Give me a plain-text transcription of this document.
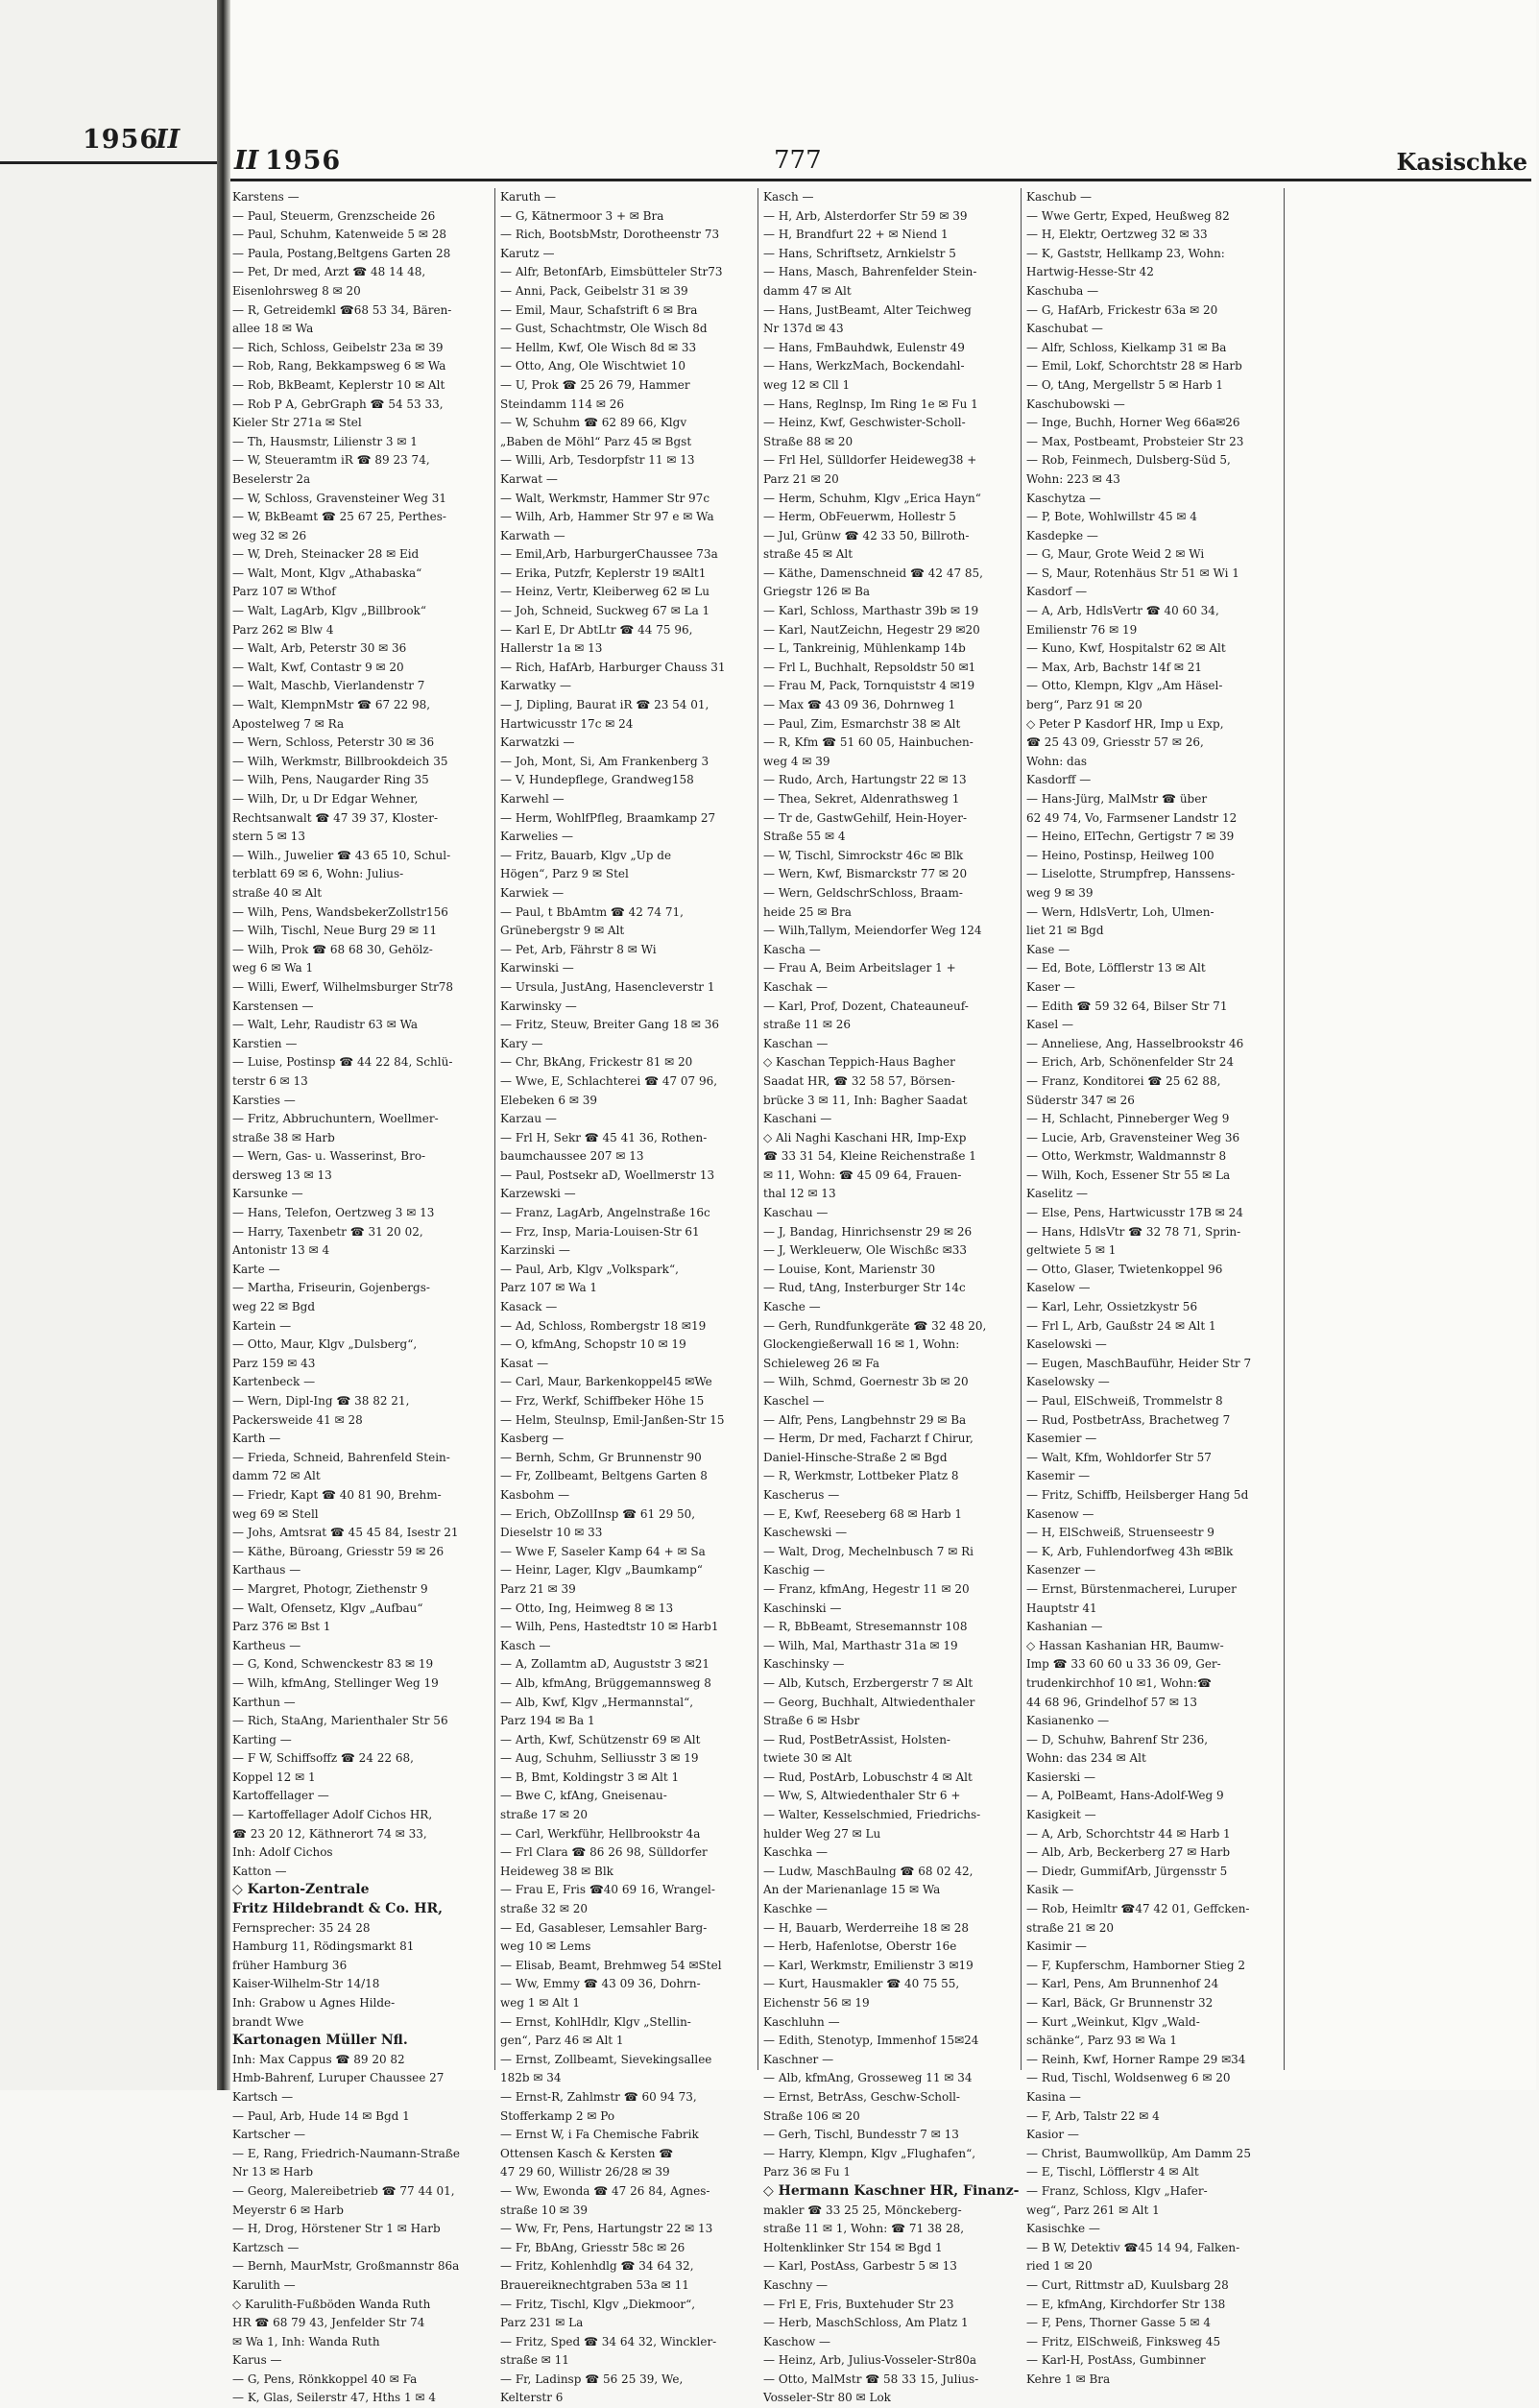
1956
II
II 1956	777	Kasischke
Karstens —
— Paul, Steuerm, Grenzscheide 26
— Paul, Schuhm, Katenweide 5 ✉ 28
— Paula, Postang,Beltgens Garten 28
— Pet, Dr med, Arzt ☎ 48 14 48,
Eisenlohrsweg 8 ✉ 20
— R, Getreidemkl ☎68 53 34, Bären-
allee 18 ✉ Wa
— Rich, Schloss, Geibelstr 23a ✉ 39
— Rob, Rang, Bekkampsweg 6 ✉ Wa
— Rob, BkBeamt, Keplerstr 10 ✉ Alt
— Rob P A, GebrGraph ☎ 54 53 33,
Kieler Str 271a ✉ Stel
— Th, Hausmstr, Lilienstr 3 ✉ 1
— W, Steueramtm iR ☎ 89 23 74,
Beselerstr 2a
— W, Schloss, Gravensteiner Weg 31
— W, BkBeamt ☎ 25 67 25, Perthes-
weg 32 ✉ 26
— W, Dreh, Steinacker 28 ✉ Eid
— Walt, Mont, Klgv „Athabaska“
Parz 107 ✉ Wthof
— Walt, LagArb, Klgv „Billbrook“
Parz 262 ✉ Blw 4
— Walt, Arb, Peterstr 30 ✉ 36
— Walt, Kwf, Contastr 9 ✉ 20
— Walt, Maschb, Vierlandenstr 7
— Walt, KlempnMstr ☎ 67 22 98,
Apostelweg 7 ✉ Ra
— Wern, Schloss, Peterstr 30 ✉ 36
— Wilh, Werkmstr, Billbrookdeich 35
— Wilh, Pens, Naugarder Ring 35
— Wilh, Dr, u Dr Edgar Wehner,
Rechtsanwalt ☎ 47 39 37, Kloster-
stern 5 ✉ 13
— Wilh., Juwelier ☎ 43 65 10, Schul-
terblatt 69 ✉ 6, Wohn: Julius-
straße 40 ✉ Alt
— Wilh, Pens, WandsbekerZollstr156
— Wilh, Tischl, Neue Burg 29 ✉ 11
— Wilh, Prok ☎ 68 68 30, Gehölz-
weg 6 ✉ Wa 1
— Willi, Ewerf, Wilhelmsburger Str78
Karstensen —
— Walt, Lehr, Raudistr 63 ✉ Wa
Karstien —
— Luise, Postinsp ☎ 44 22 84, Schlü-
terstr 6 ✉ 13
Karsties —
— Fritz, Abbruchuntern, Woellmer-
straße 38 ✉ Harb
— Wern, Gas- u. Wasserinst, Bro-
dersweg 13 ✉ 13
Karsunke —
— Hans, Telefon, Oertzweg 3 ✉ 13
— Harry, Taxenbetr ☎ 31 20 02,
Antonistr 13 ✉ 4
Karte —
— Martha, Friseurin, Gojenbergs-
weg 22 ✉ Bgd
Kartein —
— Otto, Maur, Klgv „Dulsberg“,
Parz 159 ✉ 43
Kartenbeck —
— Wern, Dipl-Ing ☎ 38 82 21,
Packersweide 41 ✉ 28
Karth —
— Frieda, Schneid, Bahrenfeld Stein-
damm 72 ✉ Alt
— Friedr, Kapt ☎ 40 81 90, Brehm-
weg 69 ✉ Stell
— Johs, Amtsrat ☎ 45 45 84, Isestr 21
— Käthe, Büroang, Griesstr 59 ✉ 26
Karthaus —
— Margret, Photogr, Ziethenstr 9
— Walt, Ofensetz, Klgv „Aufbau“
Parz 376 ✉ Bst 1
Kartheus —
— G, Kond, Schwenckestr 83 ✉ 19
— Wilh, kfmAng, Stellinger Weg 19
Karthun —
— Rich, StaAng, Marienthaler Str 56
Karting —
— F W, Schiffsoffz ☎ 24 22 68,
Koppel 12 ✉ 1
Kartoffellager —
— Kartoffellager Adolf Cichos HR,
☎ 23 20 12, Käthnerort 74 ✉ 33,
Inh: Adolf Cichos
Katton —
◇ Karton-Zentrale
Fritz Hildebrandt & Co. HR,
Fernsprecher: 35 24 28
Hamburg 11, Rödingsmarkt 81
früher Hamburg 36
Kaiser-Wilhelm-Str 14/18
Inh: Grabow u Agnes Hilde-
brandt Wwe
Kartonagen Müller Nfl.
Inh: Max Cappus ☎ 89 20 82
Hmb-Bahrenf, Luruper Chaussee 27
Kartsch —
— Paul, Arb, Hude 14 ✉ Bgd 1
Kartscher —
— E, Rang, Friedrich-Naumann-Straße
Nr 13 ✉ Harb
— Georg, Malereibetrieb ☎ 77 44 01,
Meyerstr 6 ✉ Harb
— H, Drog, Hörstener Str 1 ✉ Harb
Kartzsch —
— Bernh, MaurMstr, Großmannstr 86a
Karulith —
◇ Karulith-Fußböden Wanda Ruth
HR ☎ 68 79 43, Jenfelder Str 74
✉ Wa 1, Inh: Wanda Ruth
Karus —
— G, Pens, Rönkkoppel 40 ✉ Fa
— K, Glas, Seilerstr 47, Hths 1 ✉ 4
Karuth —
— G, Kätnermoor 3 + ✉ Bra
— Rich, BootsbMstr, Dorotheenstr 73
Karutz —
— Alfr, BetonfArb, Eimsbütteler Str73
— Anni, Pack, Geibelstr 31 ✉ 39
— Emil, Maur, Schafstrift 6 ✉ Bra
— Gust, Schachtmstr, Ole Wisch 8d
— Hellm, Kwf, Ole Wisch 8d ✉ 33
— Otto, Ang, Ole Wischtwiet 10
— U, Prok ☎ 25 26 79, Hammer
Steindamm 114 ✉ 26
— W, Schuhm ☎ 62 89 66, Klgv
„Baben de Möhl“ Parz 45 ✉ Bgst
— Willi, Arb, Tesdorpfstr 11 ✉ 13
Karwat —
— Walt, Werkmstr, Hammer Str 97c
— Wilh, Arb, Hammer Str 97 e ✉ Wa
Karwath —
— Emil,Arb, HarburgerChaussee 73a
— Erika, Putzfr, Keplerstr 19 ✉Alt1
— Heinz, Vertr, Kleiberweg 62 ✉ Lu
— Joh, Schneid, Suckweg 67 ✉ La 1
— Karl E, Dr AbtLtr ☎ 44 75 96,
Hallerstr 1a ✉ 13
— Rich, HafArb, Harburger Chauss 31
Karwatky —
— J, Dipling, Baurat iR ☎ 23 54 01,
Hartwicusstr 17c ✉ 24
Karwatzki —
— Joh, Mont, Si, Am Frankenberg 3
— V, Hundepflege, Grandweg158
Karwehl —
— Herm, WohlfPfleg, Braamkamp 27
Karwelies —
— Fritz, Bauarb, Klgv „Up de
Högen“, Parz 9 ✉ Stel
Karwiek —
— Paul, t BbAmtm ☎ 42 74 71,
Grünebergstr 9 ✉ Alt
— Pet, Arb, Fährstr 8 ✉ Wi
Karwinski —
— Ursula, JustAng, Hasencleverstr 1
Karwinsky —
— Fritz, Steuw, Breiter Gang 18 ✉ 36
Kary —
— Chr, BkAng, Frickestr 81 ✉ 20
— Wwe, E, Schlachterei ☎ 47 07 96,
Elebeken 6 ✉ 39
Karzau —
— Frl H, Sekr ☎ 45 41 36, Rothen-
baumchaussee 207 ✉ 13
— Paul, Postsekr aD, Woellmerstr 13
Karzewski —
— Franz, LagArb, Angelnstraße 16c
— Frz, Insp, Maria-Louisen-Str 61
Karzinski —
— Paul, Arb, Klgv „Volkspark“,
Parz 107 ✉ Wa 1
Kasack —
— Ad, Schloss, Rombergstr 18 ✉19
— O, kfmAng, Schopstr 10 ✉ 19
Kasat —
— Carl, Maur, Barkenkoppel45 ✉We
— Frz, Werkf, Schiffbeker Höhe 15
— Helm, Steulnsp, Emil-Janßen-Str 15
Kasberg —
— Bernh, Schm, Gr Brunnenstr 90
— Fr, Zollbeamt, Beltgens Garten 8
Kasbohm —
— Erich, ObZollInsp ☎ 61 29 50,
Dieselstr 10 ✉ 33
— Wwe F, Saseler Kamp 64 + ✉ Sa
— Heinr, Lager, Klgv „Baumkamp“
Parz 21 ✉ 39
— Otto, Ing, Heimweg 8 ✉ 13
— Wilh, Pens, Hastedtstr 10 ✉ Harb1
Kasch —
— A, Zollamtm aD, Auguststr 3 ✉21
— Alb, kfmAng, Brüggemannsweg 8
— Alb, Kwf, Klgv „Hermannstal“,
Parz 194 ✉ Ba 1
— Arth, Kwf, Schützenstr 69 ✉ Alt
— Aug, Schuhm, Selliusstr 3 ✉ 19
— B, Bmt, Koldingstr 3 ✉ Alt 1
— Bwe C, kfAng, Gneisenau-
straße 17 ✉ 20
— Carl, Werkführ, Hellbrookstr 4a
— Frl Clara ☎ 86 26 98, Sülldorfer
Heideweg 38 ✉ Blk
— Frau E, Fris ☎40 69 16, Wrangel-
straße 32 ✉ 20
— Ed, Gasableser, Lemsahler Barg-
weg 10 ✉ Lems
— Elisab, Beamt, Brehmweg 54 ✉Stel
— Ww, Emmy ☎ 43 09 36, Dohrn-
weg 1 ✉ Alt 1
— Ernst, KohlHdlr, Klgv „Stellin-
gen“, Parz 46 ✉ Alt 1
— Ernst, Zollbeamt, Sievekingsallee
182b ✉ 34
— Ernst-R, Zahlmstr ☎ 60 94 73,
Stofferkamp 2 ✉ Po
— Ernst W, i Fa Chemische Fabrik
Ottensen Kasch & Kersten ☎
47 29 60, Willistr 26/28 ✉ 39
— Ww, Ewonda ☎ 47 26 84, Agnes-
straße 10 ✉ 39
— Ww, Fr, Pens, Hartungstr 22 ✉ 13
— Fr, BbAng, Griesstr 58c ✉ 26
— Fritz, Kohlenhdlg ☎ 34 64 32,
Brauereiknechtgraben 53a ✉ 11
— Fritz, Tischl, Klgv „Diekmoor“,
Parz 231 ✉ La
— Fritz, Sped ☎ 34 64 32, Winckler-
straße ✉ 11
— Fr, Ladinsp ☎ 56 25 39, We,
Kelterstr 6
Kasch —
— H, Arb, Alsterdorfer Str 59 ✉ 39
— H, Brandfurt 22 + ✉ Niend 1
— Hans, Schriftsetz, Arnkielstr 5
— Hans, Masch, Bahrenfelder Stein-
damm 47 ✉ Alt
— Hans, JustBeamt, Alter Teichweg
Nr 137d ✉ 43
— Hans, FmBauhdwk, Eulenstr 49
— Hans, WerkzMach, Bockendahl-
weg 12 ✉ Cll 1
— Hans, Reglnsp, Im Ring 1e ✉ Fu 1
— Heinz, Kwf, Geschwister-Scholl-
Straße 88 ✉ 20
— Frl Hel, Sülldorfer Heideweg38 +
Parz 21 ✉ 20
— Herm, Schuhm, Klgv „Erica Hayn“
— Herm, ObFeuerwm, Hollestr 5
— Jul, Grünw ☎ 42 33 50, Billroth-
straße 45 ✉ Alt
— Käthe, Damenschneid ☎ 42 47 85,
Griegstr 126 ✉ Ba
— Karl, Schloss, Marthastr 39b ✉ 19
— Karl, NautZeichn, Hegestr 29 ✉20
— L, Tankreinig, Mühlenkamp 14b
— Frl L, Buchhalt, Repsoldstr 50 ✉1
— Frau M, Pack, Tornquiststr 4 ✉19
— Max ☎ 43 09 36, Dohrnweg 1
— Paul, Zim, Esmarchstr 38 ✉ Alt
— R, Kfm ☎ 51 60 05, Hainbuchen-
weg 4 ✉ 39
— Rudo, Arch, Hartungstr 22 ✉ 13
— Thea, Sekret, Aldenrathsweg 1
— Tr de, GastwGehilf, Hein-Hoyer-
Straße 55 ✉ 4
— W, Tischl, Simrockstr 46c ✉ Blk
— Wern, Kwf, Bismarckstr 77 ✉ 20
— Wern, GeldschrSchloss, Braam-
heide 25 ✉ Bra
— Wilh,Tallym, Meiendorfer Weg 124
Kascha —
— Frau A, Beim Arbeitslager 1 +
Kaschak —
— Karl, Prof, Dozent, Chateauneuf-
straße 11 ✉ 26
Kaschan —
◇ Kaschan Teppich-Haus Bagher
Saadat HR, ☎ 32 58 57, Börsen-
brücke 3 ✉ 11, Inh: Bagher Saadat
Kaschani —
◇ Ali Naghi Kaschani HR, Imp-Exp
☎ 33 31 54, Kleine Reichenstraße 1
✉ 11, Wohn: ☎ 45 09 64, Frauen-
thal 12 ✉ 13
Kaschau —
— J, Bandag, Hinrichsenstr 29 ✉ 26
— J, Werkleuerw, Ole Wischßc ✉33
— Louise, Kont, Marienstr 30
— Rud, tAng, Insterburger Str 14c
Kasche —
— Gerh, Rundfunkgeräte ☎ 32 48 20,
Glockengießerwall 16 ✉ 1, Wohn:
Schieleweg 26 ✉ Fa
— Wilh, Schmd, Goernestr 3b ✉ 20
Kaschel —
— Alfr, Pens, Langbehnstr 29 ✉ Ba
— Herm, Dr med, Facharzt f Chirur,
Daniel-Hinsche-Straße 2 ✉ Bgd
— R, Werkmstr, Lottbeker Platz 8
Kascherus —
— E, Kwf, Reeseberg 68 ✉ Harb 1
Kaschewski —
— Walt, Drog, Mechelnbusch 7 ✉ Ri
Kaschig —
— Franz, kfmAng, Hegestr 11 ✉ 20
Kaschinski —
— R, BbBeamt, Stresemannstr 108
— Wilh, Mal, Marthastr 31a ✉ 19
Kaschinsky —
— Alb, Kutsch, Erzbergerstr 7 ✉ Alt
— Georg, Buchhalt, Altwiedenthaler
Straße 6 ✉ Hsbr
— Rud, PostBetrAssist, Holsten-
twiete 30 ✉ Alt
— Rud, PostArb, Lobuschstr 4 ✉ Alt
— Ww, S, Altwiedenthaler Str 6 +
— Walter, Kesselschmied, Friedrichs-
hulder Weg 27 ✉ Lu
Kaschka —
— Ludw, MaschBaulng ☎ 68 02 42,
An der Marienanlage 15 ✉ Wa
Kaschke —
— H, Bauarb, Werderreihe 18 ✉ 28
— Herb, Hafenlotse, Oberstr 16e
— Karl, Werkmstr, Emilienstr 3 ✉19
— Kurt, Hausmakler ☎ 40 75 55,
Eichenstr 56 ✉ 19
Kaschluhn —
— Edith, Stenotyp, Immenhof 15✉24
Kaschner —
— Alb, kfmAng, Grosseweg 11 ✉ 34
— Ernst, BetrAss, Geschw-Scholl-
Straße 106 ✉ 20
— Gerh, Tischl, Bundesstr 7 ✉ 13
— Harry, Klempn, Klgv „Flughafen“,
Parz 36 ✉ Fu 1
◇ Hermann Kaschner HR, Finanz-
makler ☎ 33 25 25, Mönckeberg-
straße 11 ✉ 1, Wohn: ☎ 71 38 28,
Holtenklinker Str 154 ✉ Bgd 1
— Karl, PostAss, Garbestr 5 ✉ 13
Kaschny —
— Frl E, Fris, Buxtehuder Str 23
— Herb, MaschSchloss, Am Platz 1
Kaschow —
— Heinz, Arb, Julius-Vosseler-Str80a
— Otto, MalMstr ☎ 58 33 15, Julius-
Vosseler-Str 80 ✉ Lok
Kaschub —
— Wwe Gertr, Exped, Heußweg 82
— H, Elektr, Oertzweg 32 ✉ 33
— K, Gaststr, Hellkamp 23, Wohn:
Hartwig-Hesse-Str 42
Kaschuba —
— G, HafArb, Frickestr 63a ✉ 20
Kaschubat —
— Alfr, Schloss, Kielkamp 31 ✉ Ba
— Emil, Lokf, Schorchtstr 28 ✉ Harb
— O, tAng, Mergellstr 5 ✉ Harb 1
Kaschubowski —
— Inge, Buchh, Horner Weg 66a✉26
— Max, Postbeamt, Probsteier Str 23
— Rob, Feinmech, Dulsberg-Süd 5,
Wohn: 223 ✉ 43
Kaschytza —
— P, Bote, Wohlwillstr 45 ✉ 4
Kasdepke —
— G, Maur, Grote Weid 2 ✉ Wi
— S, Maur, Rotenhäus Str 51 ✉ Wi 1
Kasdorf —
— A, Arb, HdlsVertr ☎ 40 60 34,
Emilienstr 76 ✉ 19
— Kuno, Kwf, Hospitalstr 62 ✉ Alt
— Max, Arb, Bachstr 14f ✉ 21
— Otto, Klempn, Klgv „Am Häsel-
berg“, Parz 91 ✉ 20
◇ Peter P Kasdorf HR, Imp u Exp,
☎ 25 43 09, Griesstr 57 ✉ 26,
Wohn: das
Kasdorff —
— Hans-Jürg, MalMstr ☎ über
62 49 74, Vo, Farmsener Landstr 12
— Heino, ElTechn, Gertigstr 7 ✉ 39
— Heino, Postinsp, Heilweg 100
— Liselotte, Strumpfrep, Hanssens-
weg 9 ✉ 39
— Wern, HdlsVertr, Loh, Ulmen-
liet 21 ✉ Bgd
Kase —
— Ed, Bote, Löfflerstr 13 ✉ Alt
Kaser —
— Edith ☎ 59 32 64, Bilser Str 71
Kasel —
— Anneliese, Ang, Hasselbrookstr 46
— Erich, Arb, Schönenfelder Str 24
— Franz, Konditorei ☎ 25 62 88,
Süderstr 347 ✉ 26
— H, Schlacht, Pinneberger Weg 9
— Lucie, Arb, Gravensteiner Weg 36
— Otto, Werkmstr, Waldmannstr 8
— Wilh, Koch, Essener Str 55 ✉ La
Kaselitz —
— Else, Pens, Hartwicusstr 17B ✉ 24
— Hans, HdlsVtr ☎ 32 78 71, Sprin-
geltwiete 5 ✉ 1
— Otto, Glaser, Twietenkoppel 96
Kaselow —
— Karl, Lehr, Ossietzkystr 56
— Frl L, Arb, Gaußstr 24 ✉ Alt 1
Kaselowski —
— Eugen, MaschBauführ, Heider Str 7
Kaselowsky —
— Paul, ElSchweiß, Trommelstr 8
— Rud, PostbetrAss, Brachetweg 7
Kasemier —
— Walt, Kfm, Wohldorfer Str 57
Kasemir —
— Fritz, Schiffb, Heilsberger Hang 5d
Kasenow —
— H, ElSchweiß, Struenseestr 9
— K, Arb, Fuhlendorfweg 43h ✉Blk
Kasenzer —
— Ernst, Bürstenmacherei, Luruper
Hauptstr 41
Kashanian —
◇ Hassan Kashanian HR, Baumw-
Imp ☎ 33 60 60 u 33 36 09, Ger-
trudenkirchhof 10 ✉1, Wohn:☎
44 68 96, Grindelhof 57 ✉ 13
Kasianenko —
— D, Schuhw, Bahrenf Str 236,
Wohn: das 234 ✉ Alt
Kasierski —
— A, PolBeamt, Hans-Adolf-Weg 9
Kasigkeit —
— A, Arb, Schorchtstr 44 ✉ Harb 1
— Alb, Arb, Beckerberg 27 ✉ Harb
— Diedr, GummifArb, Jürgensstr 5
Kasik —
— Rob, Heimltr ☎47 42 01, Geffcken-
straße 21 ✉ 20
Kasimir —
— F, Kupferschm, Hamborner Stieg 2
— Karl, Pens, Am Brunnenhof 24
— Karl, Bäck, Gr Brunnenstr 32
— Kurt „Weinkut, Klgv „Wald-
schänke“, Parz 93 ✉ Wa 1
— Reinh, Kwf, Horner Rampe 29 ✉34
— Rud, Tischl, Woldsenweg 6 ✉ 20
Kasina —
— F, Arb, Talstr 22 ✉ 4
Kasior —
— Christ, Baumwollküp, Am Damm 25
— E, Tischl, Löfflerstr 4 ✉ Alt
— Franz, Schloss, Klgv „Hafer-
weg“, Parz 261 ✉ Alt 1
Kasischke —
— B W, Detektiv ☎45 14 94, Falken-
ried 1 ✉ 20
— Curt, Rittmstr aD, Kuulsbarg 28
— E, kfmAng, Kirchdorfer Str 138
— F, Pens, Thorner Gasse 5 ✉ 4
— Fritz, ElSchweiß, Finksweg 45
— Karl-H, PostAss, Gumbinner
Kehre 1 ✉ Bra
